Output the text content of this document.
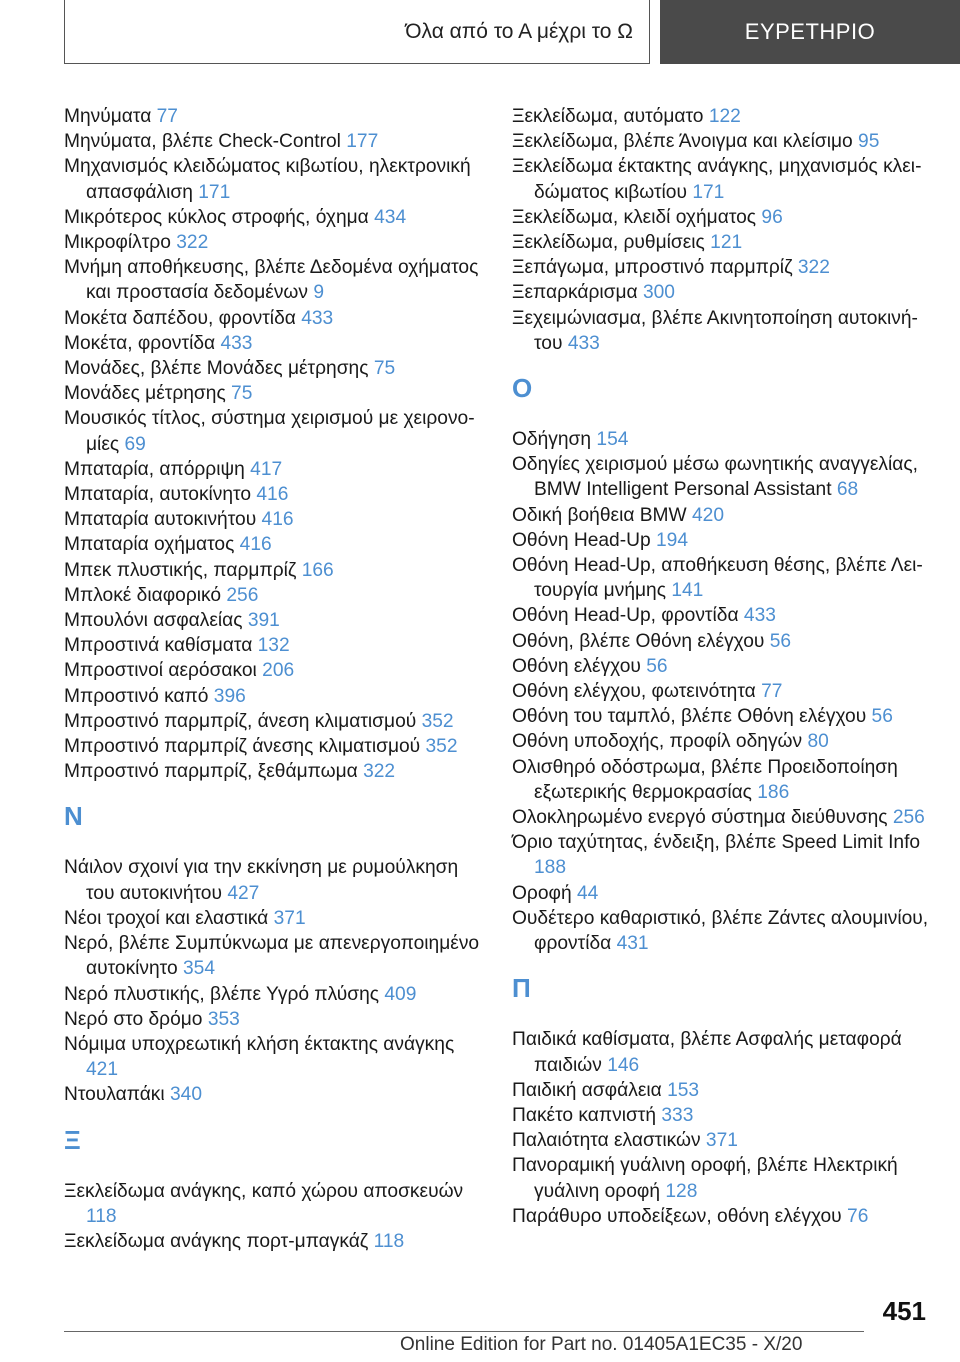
Όλα από το Α μέχρι το Ω	ΕΥΡΕΤΗΡΙΟ
Μηνύματα 77
Μηνύματα, βλέπε Check-Control 177
Μηχανισμός κλειδώματος κιβωτίου, ηλεκτρονική απασφάλιση 171
Μικρότερος κύκλος στροφής, όχημα 434
Μικροφίλτρο 322
Μνήμη αποθήκευσης, βλέπε Δεδομένα οχήματος και προστασία δεδομένων 9
Μοκέτα δαπέδου, φροντίδα 433
Μοκέτα, φροντίδα 433
Μονάδες, βλέπε Μονάδες μέτρησης 75
Μονάδες μέτρησης 75
Μουσικός τίτλος, σύστημα χειρισμού με χειρονομίες 69
Μπαταρία, απόρριψη 417
Μπαταρία, αυτοκίνητο 416
Μπαταρία αυτοκινήτου 416
Μπαταρία οχήματος 416
Μπεκ πλυστικής, παρμπρίζ 166
Μπλοκέ διαφορικό 256
Μπουλόνι ασφαλείας 391
Μπροστινά καθίσματα 132
Μπροστινοί αερόσακοι 206
Μπροστινό καπό 396
Μπροστινό παρμπρίζ, άνεση κλιματισμού 352
Μπροστινό παρμπρίζ άνεσης κλιματισμού 352
Μπροστινό παρμπρίζ, ξεθάμπωμα 322
N
Νάιλον σχοινί για την εκκίνηση με ρυμούλκηση του αυτοκινήτου 427
Νέοι τροχοί και ελαστικά 371
Νερό, βλέπε Συμπύκνωμα με απενεργοποιημένο αυτοκίνητο 354
Νερό πλυστικής, βλέπε Υγρό πλύσης 409
Νερό στο δρόμο 353
Νόμιμα υποχρεωτική κλήση έκτακτης ανάγκης 421
Ντουλαπάκι 340
Ξ
Ξεκλείδωμα ανάγκης, καπό χώρου αποσκευών 118
Ξεκλείδωμα ανάγκης πορτ-μπαγκάζ 118
Ξεκλείδωμα, αυτόματο 122
Ξεκλείδωμα, βλέπε Άνοιγμα και κλείσιμο 95
Ξεκλείδωμα έκτακτης ανάγκης, μηχανισμός κλειδώματος κιβωτίου 171
Ξεκλείδωμα, κλειδί οχήματος 96
Ξεκλείδωμα, ρυθμίσεις 121
Ξεπάγωμα, μπροστινό παρμπρίζ 322
Ξεπαρκάρισμα 300
Ξεχειμώνιασμα, βλέπε Ακινητοποίηση αυτοκινήτου 433
O
Οδήγηση 154
Οδηγίες χειρισμού μέσω φωνητικής αναγγελίας, BMW Intelligent Personal Assistant 68
Οδική βοήθεια BMW 420
Οθόνη Head-Up 194
Οθόνη Head-Up, αποθήκευση θέσης, βλέπε Λειτουργία μνήμης 141
Οθόνη Head-Up, φροντίδα 433
Οθόνη, βλέπε Οθόνη ελέγχου 56
Οθόνη ελέγχου 56
Οθόνη ελέγχου, φωτεινότητα 77
Οθόνη του ταμπλό, βλέπε Οθόνη ελέγχου 56
Οθόνη υποδοχής, προφίλ οδηγών 80
Ολισθηρό οδόστρωμα, βλέπε Προειδοποίηση εξωτερικής θερμοκρασίας 186
Ολοκληρωμένο ενεργό σύστημα διεύθυνσης 256
Όριο ταχύτητας, ένδειξη, βλέπε Speed Limit Info 188
Οροφή 44
Ουδέτερο καθαριστικό, βλέπε Ζάντες αλουμινίου, φροντίδα 431
Π
Παιδικά καθίσματα, βλέπε Ασφαλής μεταφορά παιδιών 146
Παιδική ασφάλεια 153
Πακέτο καπνιστή 333
Παλαιότητα ελαστικών 371
Πανοραμική γυάλινη οροφή, βλέπε Ηλεκτρική γυάλινη οροφή 128
Παράθυρο υποδείξεων, οθόνη ελέγχου 76
451
Online Edition for Part no. 01405A1EC35 - X/20
